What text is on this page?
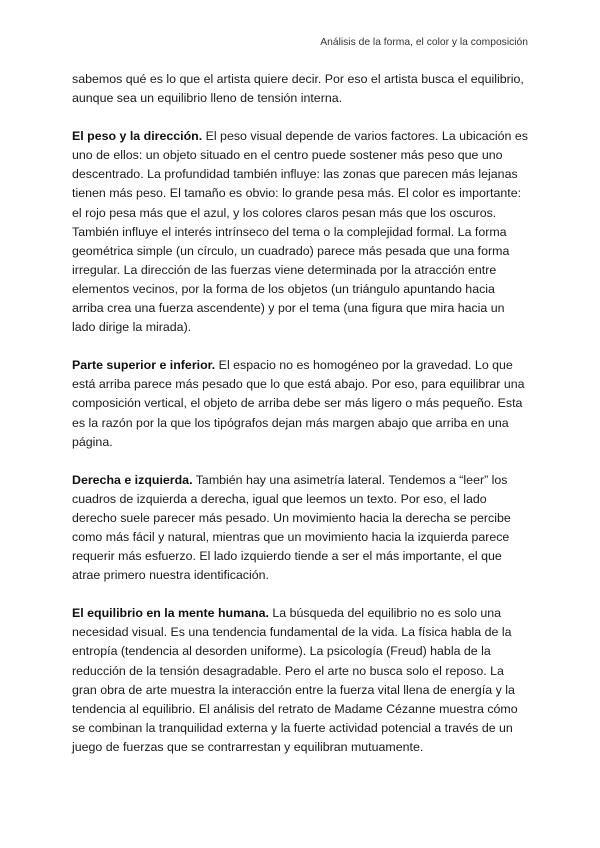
Análisis de la forma, el color y la composición

sabemos qué es lo que el artista quiere decir. Por eso el artista busca el equilibrio, aunque sea un equilibrio lleno de tensión interna.

El peso y la dirección. El peso visual depende de varios factores. La ubicación es uno de ellos: un objeto situado en el centro puede sostener más peso que uno descentrado. La profundidad también influye: las zonas que parecen más lejanas tienen más peso. El tamaño es obvio: lo grande pesa más. El color es importante: el rojo pesa más que el azul, y los colores claros pesan más que los oscuros. También influye el interés intrínseco del tema o la complejidad formal. La forma geométrica simple (un círculo, un cuadrado) parece más pesada que una forma irregular. La dirección de las fuerzas viene determinada por la atracción entre elementos vecinos, por la forma de los objetos (un triángulo apuntando hacia arriba crea una fuerza ascendente) y por el tema (una figura que mira hacia un lado dirige la mirada).

Parte superior e inferior. El espacio no es homogéneo por la gravedad. Lo que está arriba parece más pesado que lo que está abajo. Por eso, para equilibrar una composición vertical, el objeto de arriba debe ser más ligero o más pequeño. Esta es la razón por la que los tipógrafos dejan más margen abajo que arriba en una página.

Derecha e izquierda. También hay una asimetría lateral. Tendemos a “leer” los cuadros de izquierda a derecha, igual que leemos un texto. Por eso, el lado derecho suele parecer más pesado. Un movimiento hacia la derecha se percibe como más fácil y natural, mientras que un movimiento hacia la izquierda parece requerir más esfuerzo. El lado izquierdo tiende a ser el más importante, el que atrae primero nuestra identificación.

El equilibrio en la mente humana. La búsqueda del equilibrio no es solo una necesidad visual. Es una tendencia fundamental de la vida. La física habla de la entropía (tendencia al desorden uniforme). La psicología (Freud) habla de la reducción de la tensión desagradable. Pero el arte no busca solo el reposo. La gran obra de arte muestra la interacción entre la fuerza vital llena de energía y la tendencia al equilibrio. El análisis del retrato de Madame Cézanne muestra cómo se combinan la tranquilidad externa y la fuerte actividad potencial a través de un juego de fuerzas que se contrarrestan y equilibran mutuamente.
